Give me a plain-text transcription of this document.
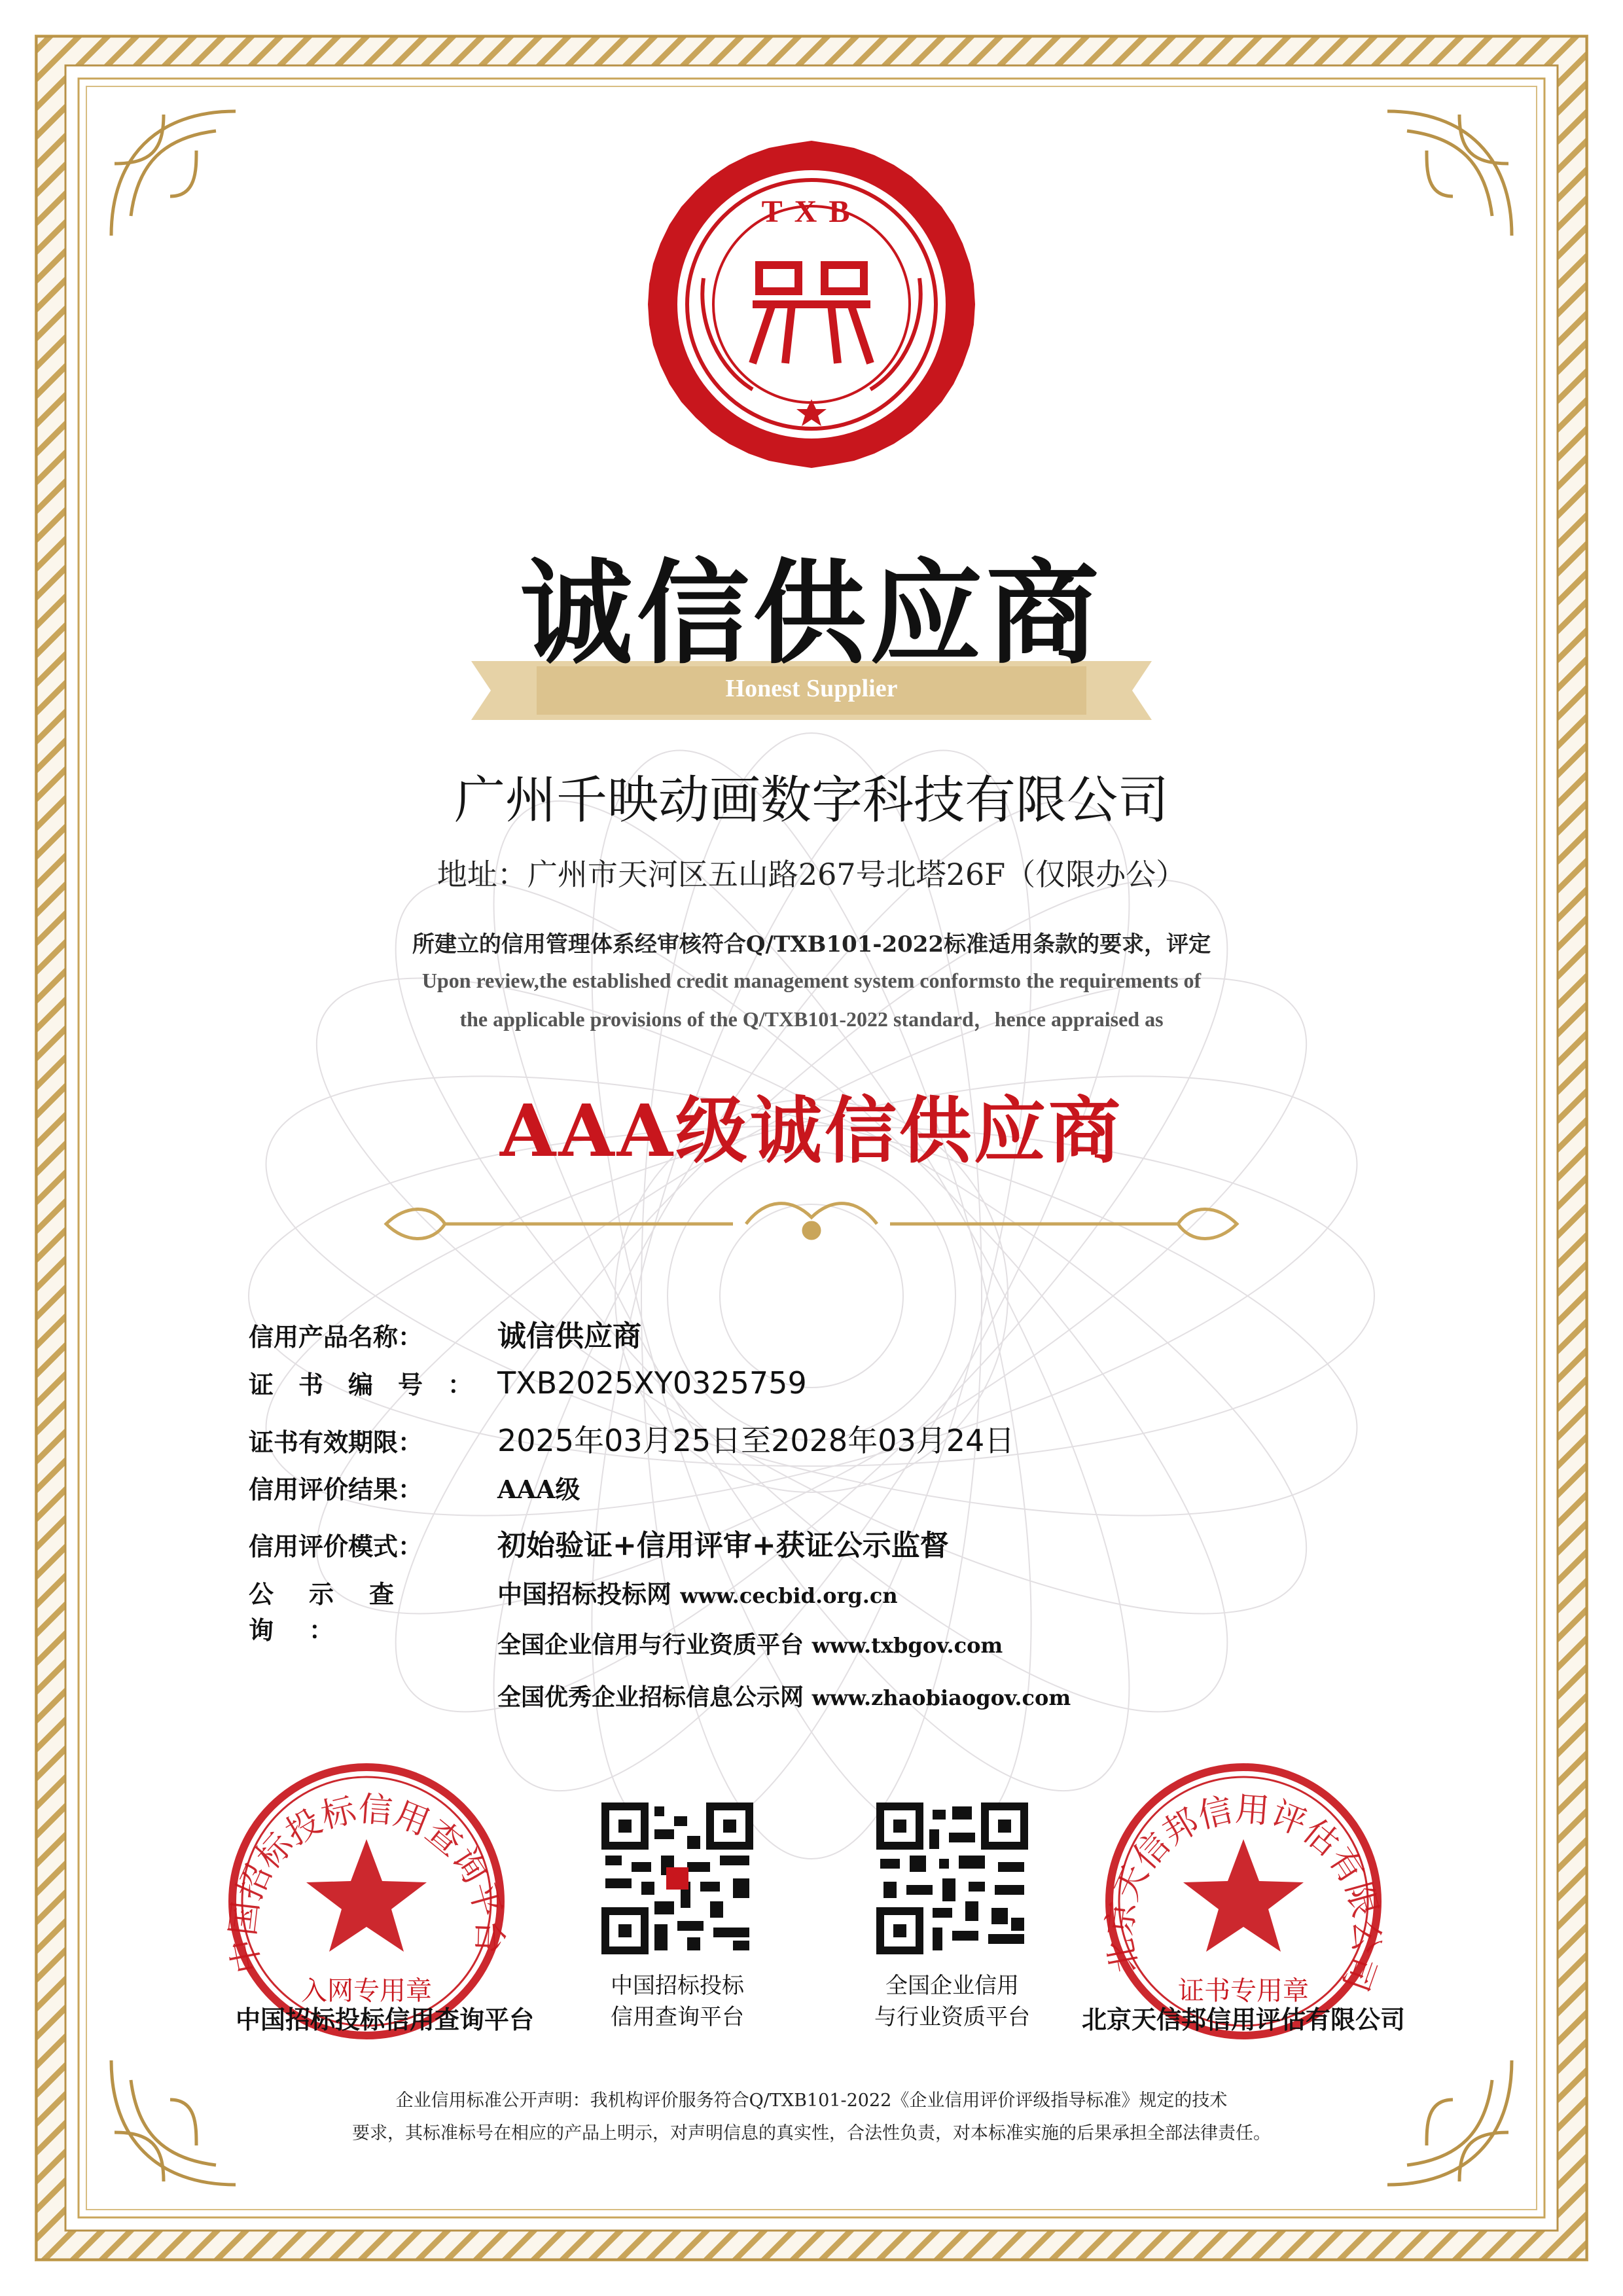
TXB
诚信供应商
Honest Supplier
广州千映动画数字科技有限公司
地址：广州市天河区五山路267号北塔26F（仅限办公）
所建立的信用管理体系经审核符合Q/TXB101-2022标准适用条款的要求，评定
Upon review,the established credit management system conformsto the requirements of
the applicable provisions of the Q/TXB101-2022 standard，hence appraised as
AAA级诚信供应商
信用产品名称：	诚信供应商
证书编号： TXB2025XY0325759
证书有效期限：	2025年03月25日至2028年03月24日
信用评价结果：	AAA级
信用评价模式：	初始验证+信用评审+获证公示监督
公示查询：
中国招标投标网 www.cecbid.org.cn
全国企业信用与行业资质平台 www.txbgov.com
全国优秀企业招标信息公示网 www.zhaobiaogov.com
入网专用章	证书专用章
中国招标投标信用查询平台	北京天信邦信用评估有限公司
中国招标投标信用查询平台	北京天信邦信用评估有限公司
中国招标投标
信用查询平台
全国企业信用
与行业资质平台
企业信用标准公开声明：我机构评价服务符合Q/TXB101-2022《企业信用评价评级指导标准》规定的技术
要求，其标准标号在相应的产品上明示，对声明信息的真实性，合法性负责，对本标准实施的后果承担全部法律责任。
